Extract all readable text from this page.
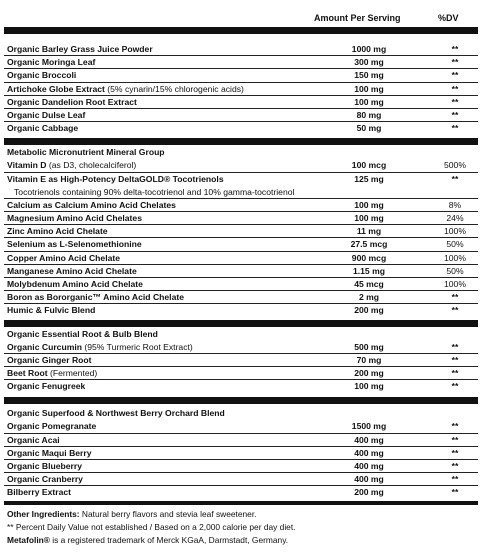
Amount Per Serving	%DV
Organic Barley Grass Juice Powder	1000 mg	**
Organic Moringa Leaf	300 mg	**
Organic Broccoli	150 mg	**
Artichoke Globe Extract (5% cynarin/15% chlorogenic acids)	100 mg	**
Organic Dandelion Root Extract	100 mg	**
Organic Dulse Leaf	80 mg	**
Organic Cabbage	50 mg	**
Metabolic Micronutrient Mineral Group
Vitamin D (as D3, cholecalciferol)	100 mcg	500%
Vitamin E as High-Potency DeltaGOLD® Tocotrienols	125 mg	**
Tocotrienols containing 90% delta-tocotrienol and 10% gamma-tocotrienol
Calcium as Calcium Amino Acid Chelates	100 mg	8%
Magnesium Amino Acid Chelates	100 mg	24%
Zinc Amino Acid Chelate	11 mg	100%
Selenium as L-Selenomethionine	27.5 mcg	50%
Copper Amino Acid Chelate	900 mcg	100%
Manganese Amino Acid Chelate	1.15 mg	50%
Molybdenum Amino Acid Chelate	45 mcg	100%
Boron as Bororganic™ Amino Acid Chelate	2 mg	**
Humic & Fulvic Blend	200 mg	**
Organic Essential Root & Bulb Blend
Organic Curcumin (95% Turmeric Root Extract)	500 mg	**
Organic Ginger Root	70 mg	**
Beet Root (Fermented)	200 mg	**
Organic Fenugreek	100 mg	**
Organic Superfood & Northwest Berry Orchard Blend
Organic Pomegranate	1500 mg	**
Organic Acai	400 mg	**
Organic Maqui Berry	400 mg	**
Organic Blueberry	400 mg	**
Organic Cranberry	400 mg	**
Bilberry Extract	200 mg	**
Other Ingredients: Natural berry flavors and stevia leaf sweetener.
** Percent Daily Value not established / Based on a 2,000 calorie per day diet.
Metafolin® is a registered trademark of Merck KGaA, Darmstadt, Germany.
